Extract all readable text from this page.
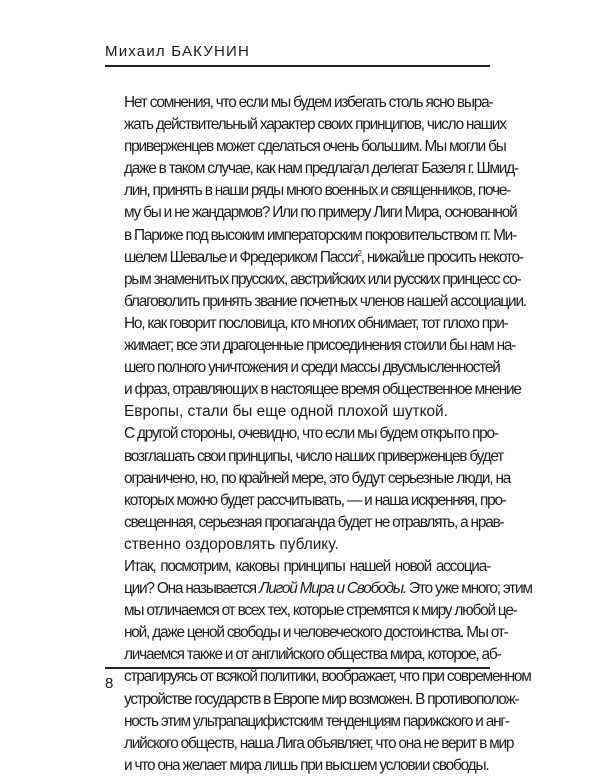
Михаил БАКУНИН

Нет сомнения, что если мы будем избегать столь ясно выра-
жать действительный характер своих принципов, число наших
приверженцев может сделаться очень большим. Мы могли бы
даже в таком случае, как нам предлагал делегат Базеля г. Шмид-
лин, принять в наши ряды много военных и священников, поче-
му бы и не жандармов? Или по примеру Лиги Мира, основанной
в Париже под высоким императорским покровительством гг. Ми-
шелем Шевалье и Фредериком Пасси$^2$, нижайше просить некото-
рым знаменитых прусских, австрийских или русских принцесс со-
благоволить принять звание почетных членов нашей ассоциации.
Но, как говорит пословица, кто многих обнимает, тот плохо при-
жимает; все эти драгоценные присоединения стоили бы нам на-
шего полного уничтожения и среди массы двусмысленностей
и фраз, отравляющих в настоящее время общественное мнение
Европы, стали бы еще одной плохой шуткой.

С другой стороны, очевидно, что если мы будем открыто про-
возглашать свои принципы, число наших приверженцев будет
ограничено, но, по крайней мере, это будут серьезные люди, на
которых можно будет рассчитывать, — и наша искренняя, про-
свещенная, серьезная пропаганда будет не отравлять, а нрав-
ственно оздоровлять публику.

Итак, посмотрим, каковы принципы нашей новой ассоциа-
ции? Она называется Лигой Мира и Свободы. Это уже много; этим
мы отличаемся от всех тех, которые стремятся к миру любой це-
ной, даже ценой свободы и человеческого достоинства. Мы от-
личаемся также и от английского общества мира, которое, аб-
страгируясь от всякой политики, воображает, что при современном
устройстве государств в Европе мир возможен. В противополож-
ность этим ультрапацифистским тенденциям парижского и анг-
лийского обществ, наша Лига объявляет, что она не верит в мир
и что она желает мира лишь при высшем условии свободы.

8
